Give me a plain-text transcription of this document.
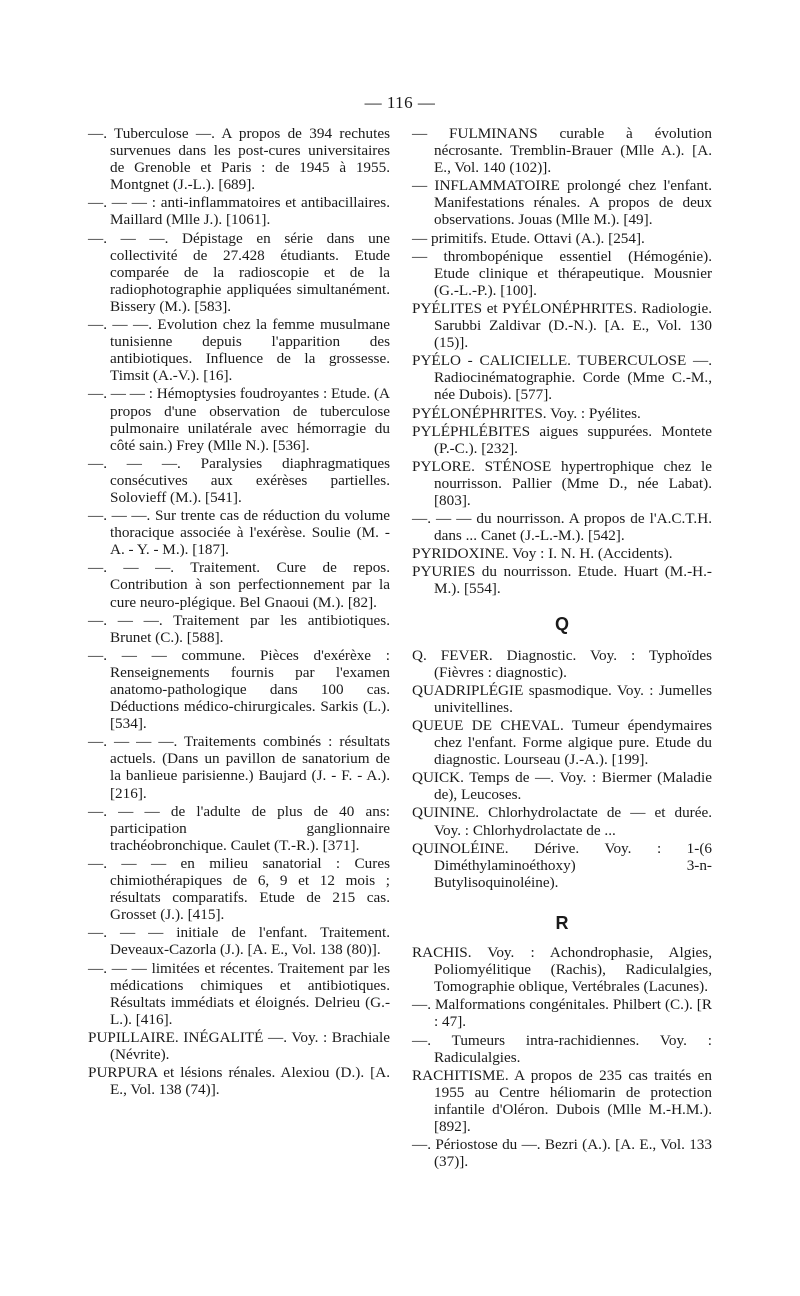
— 116 —

—. Tuberculose —. A propos de 394 rechutes survenues dans les post-cures universitaires de Grenoble et Paris : de 1945 à 1955. Montgnet (J.-L.). [689].

—. — — : anti-inflammatoires et antibacillaires. Maillard (Mlle J.). [1061].

—. — —. Dépistage en série dans une collectivité de 27.428 étudiants. Etude comparée de la radioscopie et de la radiophotographie appliquées simultanément. Bissery (M.). [583].

—. — —. Evolution chez la femme musulmane tunisienne depuis l'apparition des antibiotiques. Influence de la grossesse. Timsit (A.-V.). [16].

—. — — : Hémoptysies foudroyantes : Etude. (A propos d'une observation de tuberculose pulmonaire unilatérale avec hémorragie du côté sain.) Frey (Mlle N.). [536].

—. — —. Paralysies diaphragmatiques consécutives aux exérèses partielles. Solovieff (M.). [541].

—. — —. Sur trente cas de réduction du volume thoracique associée à l'exérèse. Soulie (M. - A. - Y. - M.). [187].

—. — —. Traitement. Cure de repos. Contribution à son perfectionnement par la cure neuro-plégique. Bel Gnaoui (M.). [82].

—. — —. Traitement par les antibiotiques. Brunet (C.). [588].

—. — — commune. Pièces d'exérèxe : Renseignements fournis par l'examen anatomo-pathologique dans 100 cas. Déductions médico-chirurgicales. Sarkis (L.). [534].

—. — — —. Traitements combinés : résultats actuels. (Dans un pavillon de sanatorium de la banlieue parisienne.) Baujard (J. - F. - A.). [216].

—. — — de l'adulte de plus de 40 ans: participation ganglionnaire trachéobronchique. Caulet (T.-R.). [371].

—. — — en milieu sanatorial : Cures chimiothérapiques de 6, 9 et 12 mois ; résultats comparatifs. Etude de 215 cas. Grosset (J.). [415].

—. — — initiale de l'enfant. Traitement. Deveaux-Cazorla (J.). [A. E., Vol. 138 (80)].

—. — — limitées et récentes. Traitement par les médications chimiques et antibiotiques. Résultats immédiats et éloignés. Delrieu (G.-L.). [416].

PUPILLAIRE. INÉGALITÉ —. Voy. : Brachiale (Névrite).

PURPURA et lésions rénales. Alexiou (D.). [A. E., Vol. 138 (74)].

— FULMINANS curable à évolution nécrosante. Tremblin-Brauer (Mlle A.). [A. E., Vol. 140 (102)].

— INFLAMMATOIRE prolongé chez l'enfant. Manifestations rénales. A propos de deux observations. Jouas (Mlle M.). [49].

— primitifs. Etude. Ottavi (A.). [254].

— thrombopénique essentiel (Hémogénie). Etude clinique et thérapeutique. Mousnier (G.-L.-P.). [100].

PYÉLITES et PYÉLONÉPHRITES. Radiologie. Sarubbi Zaldivar (D.-N.). [A. E., Vol. 130 (15)].

PYÉLO - CALICIELLE. TUBERCULOSE —. Radiocinématographie. Corde (Mme C.-M., née Dubois). [577].

PYÉLONÉPHRITES. Voy. : Pyélites.

PYLÉPHLÉBITES aigues suppurées. Montete (P.-C.). [232].

PYLORE. STÉNOSE hypertrophique chez le nourrisson. Pallier (Mme D., née Labat). [803].

—. — — du nourrisson. A propos de l'A.C.T.H. dans ... Canet (J.-L.-M.). [542].

PYRIDOXINE. Voy : I. N. H. (Accidents).

PYURIES du nourrisson. Etude. Huart (M.-H.-M.). [554].

Q

Q. FEVER. Diagnostic. Voy. : Typhoïdes (Fièvres : diagnostic).

QUADRIPLÉGIE spasmodique. Voy. : Jumelles univitellines.

QUEUE DE CHEVAL. Tumeur épendymaires chez l'enfant. Forme algique pure. Etude du diagnostic. Lourseau (J.-A.). [199].

QUICK. Temps de —. Voy. : Biermer (Maladie de), Leucoses.

QUININE. Chlorhydrolactate de — et durée. Voy. : Chlorhydrolactate de ...

QUINOLÉINE. Dérive. Voy. : 1-(6 Diméthylaminoéthoxy) 3-n-Butylisoquinoléine).

R

RACHIS. Voy. : Achondrophasie, Algies, Poliomyélitique (Rachis), Radiculalgies, Tomographie oblique, Vertébrales (Lacunes).

—. Malformations congénitales. Philbert (C.). [R : 47].

—. Tumeurs intra-rachidiennes. Voy. : Radiculalgies.

RACHITISME. A propos de 235 cas traités en 1955 au Centre héliomarin de protection infantile d'Oléron. Dubois (Mlle M.-H.M.). [892].

—. Périostose du —. Bezri (A.). [A. E., Vol. 133 (37)].
